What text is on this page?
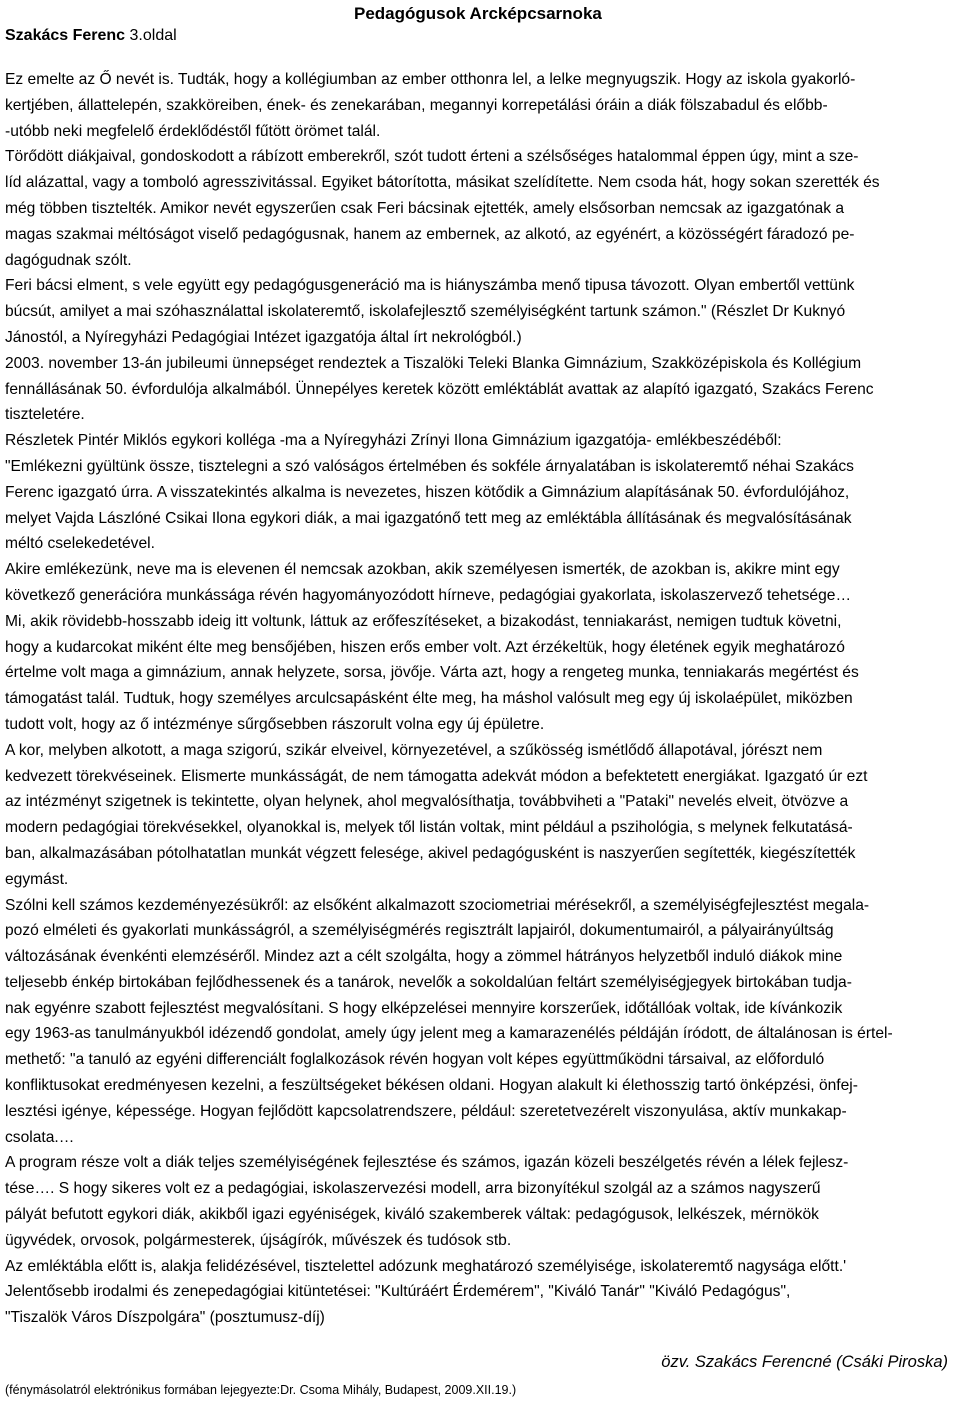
Szakács Ferenc 3.oldal
Pedagógusok Arcképcsarnoka
Ez emelte az Ő nevét is. Tudták, hogy a kollégiumban az ember otthonra lel, a lelke megnyugszik. Hogy az iskola gyakorló-
kertjében, állattelepén, szakköreiben, ének- és zenekarában, megannyi korrepetálási óráin a diák fölszabadul és előbb-
-utóbb neki megfelelő érdeklődéstől fűtött örömet talál.
Törődött diákjaival, gondoskodott a rábízott emberekről, szót tudott érteni a szélsőséges hatalommal éppen úgy, mint a sze-
líd alázattal, vagy a tomboló agresszivitással. Egyiket bátorította, másikat szelídítette. Nem csoda hát, hogy sokan szerették és
még többen tisztelték. Amikor nevét egyszerűen csak Feri bácsinak ejtették, amely elsősorban nemcsak az igazgatónak a
magas szakmai méltóságot viselő pedagógusnak, hanem az embernek, az alkotó, az egyénért, a közösségért fáradozó pe-
dagógudnak szólt.
Feri bácsi elment, s vele együtt egy pedagógusgeneráció ma is hiányszámba menő tipusa távozott. Olyan embertől vettünk
búcsút, amilyet a mai szóhasználattal iskolateremtő, iskolafejlesztő személyiségként tartunk számon." (Részlet Dr Kuknyó
Jánostól, a Nyíregyházi Pedagógiai Intézet igazgatója által írt nekrológból.)
2003. november 13-án jubileumi ünnepséget rendeztek a Tiszalöki Teleki Blanka Gimnázium, Szakközépiskola és Kollégium
fennállásának 50. évfordulója alkalmából. Ünnepélyes keretek között emléktáblát avattak az alapító igazgató, Szakács Ferenc
tiszteletére.
Részletek Pintér Miklós egykori kolléga -ma a Nyíregyházi Zrínyi Ilona Gimnázium igazgatója- emlékbeszédéből:
"Emlékezni gyültünk össze, tisztelegni a szó valóságos értelmében és sokféle árnyalatában is iskolateremtő néhai Szakács
Ferenc igazgató úrra. A visszatekintés alkalma is nevezetes, hiszen kötődik a Gimnázium alapításának 50. évfordulójához,
melyet Vajda Lászlóné Csikai Ilona egykori diák, a mai igazgatónő tett meg az emléktábla állításának és megvalósításának
méltó cselekedetével.
Akire emlékezünk, neve ma is elevenen él nemcsak azokban, akik személyesen ismerték, de azokban is, akikre mint egy
következő generációra munkássága révén hagyományozódott hírneve, pedagógiai gyakorlata, iskolaszervező tehetsége…
Mi, akik rövidebb-hosszabb ideig itt voltunk, láttuk az erőfeszítéseket, a bizakodást, tenniakarást, nemigen tudtuk követni,
hogy a kudarcokat miként élte meg bensőjében, hiszen erős ember volt. Azt érzékeltük, hogy életének egyik meghatározó
értelme volt maga a gimnázium, annak helyzete, sorsa, jövője. Várta azt, hogy a rengeteg munka, tenniakarás megértést és
támogatást talál. Tudtuk, hogy személyes arculcsapásként élte meg, ha máshol valósult meg egy új iskolaépület, miközben
tudott volt, hogy az ő intézménye sűrgősebben rászorult volna egy új épületre.
A kor, melyben alkotott, a maga szigorú, szikár elveivel, környezetével, a szűkösség ismétlődő állapotával, jórészt nem
kedvezett törekvéseinek. Elismerte munkásságát, de nem támogatta adekvát módon a befektetett energiákat. Igazgató úr ezt
az intézményt szigetnek is tekintette, olyan helynek, ahol megvalósíthatja, továbbviheti a "Pataki" nevelés elveit, ötvözve a
modern pedagógiai törekvésekkel, olyanokkal is, melyek től listán voltak, mint például a pszihológia, s melynek felkutatásá-
ban, alkalmazásában pótolhatatlan munkát végzett felesége, akivel pedagógusként is naszyerűen segítették, kiegészítették
egymást.
Szólni kell számos kezdeményezésükről: az elsőként alkalmazott szociometriai mérésekről, a személyiségfejlesztést megala-
pozó elméleti és gyakorlati munkásságról, a személyiségmérés regisztrált lapjairól, dokumentumairól, a pályairányúltság
változásának évenkénti elemzéséről. Mindez azt a célt szolgálta, hogy a zömmel hátrányos helyzetből induló diákok mine
teljesebb énkép birtokában fejlődhessenek és a tanárok, nevelők a sokoldalúan feltárt személyiségjegyek birtokában tudja-
nak egyénre szabott fejlesztést megvalósítani. S hogy elképzelései mennyire korszerűek, időtállóak voltak, ide kívánkozik
egy 1963-as tanulmányukból idézendő gondolat, amely úgy jelent meg a kamarazenélés példáján íródott, de általánosan is értel-
methető: "a tanuló az egyéni differenciált foglalkozások révén hogyan volt képes együttműködni társaival, az előforduló
konfliktusokat eredményesen kezelni, a feszültségeket békésen oldani. Hogyan alakult ki élethosszig tartó önképzési, önfej-
lesztési igénye, képessége. Hogyan fejlődött kapcsolatrendszere, például: szeretetvezérelt viszonyulása, aktív munkakap-
csolata.…
A program része volt a diák teljes személyiségének fejlesztése és számos, igazán közeli beszélgetés révén a lélek fejlesz-
tése…. S hogy sikeres volt ez a pedagógiai, iskolaszervezési modell, arra bizonyítékul szolgál az a számos nagyszerű
pályát befutott egykori diák, akikből igazi egyéniségek, kiváló szakemberek váltak: pedagógusok, lelkészek, mérnökök
ügyvédek, orvosok, polgármesterek, újságírók, művészek és tudósok stb.
Az emléktábla előtt is, alakja felidézésével, tisztelettel adózunk meghatározó személyisége, iskolateremtő nagysága előtt.'
Jelentősebb irodalmi és zenepedagógiai kitüntetései: "Kultúráért Érdemérem", "Kiváló Tanár" "Kiváló Pedagógus",
"Tiszalök Város Díszpolgára" (posztumusz-díj)
özv. Szakács Ferencné (Csáki Piroska)
(fénymásolatról elektrónikus formában lejegyezte:Dr. Csoma Mihály, Budapest, 2009.XII.19.)
